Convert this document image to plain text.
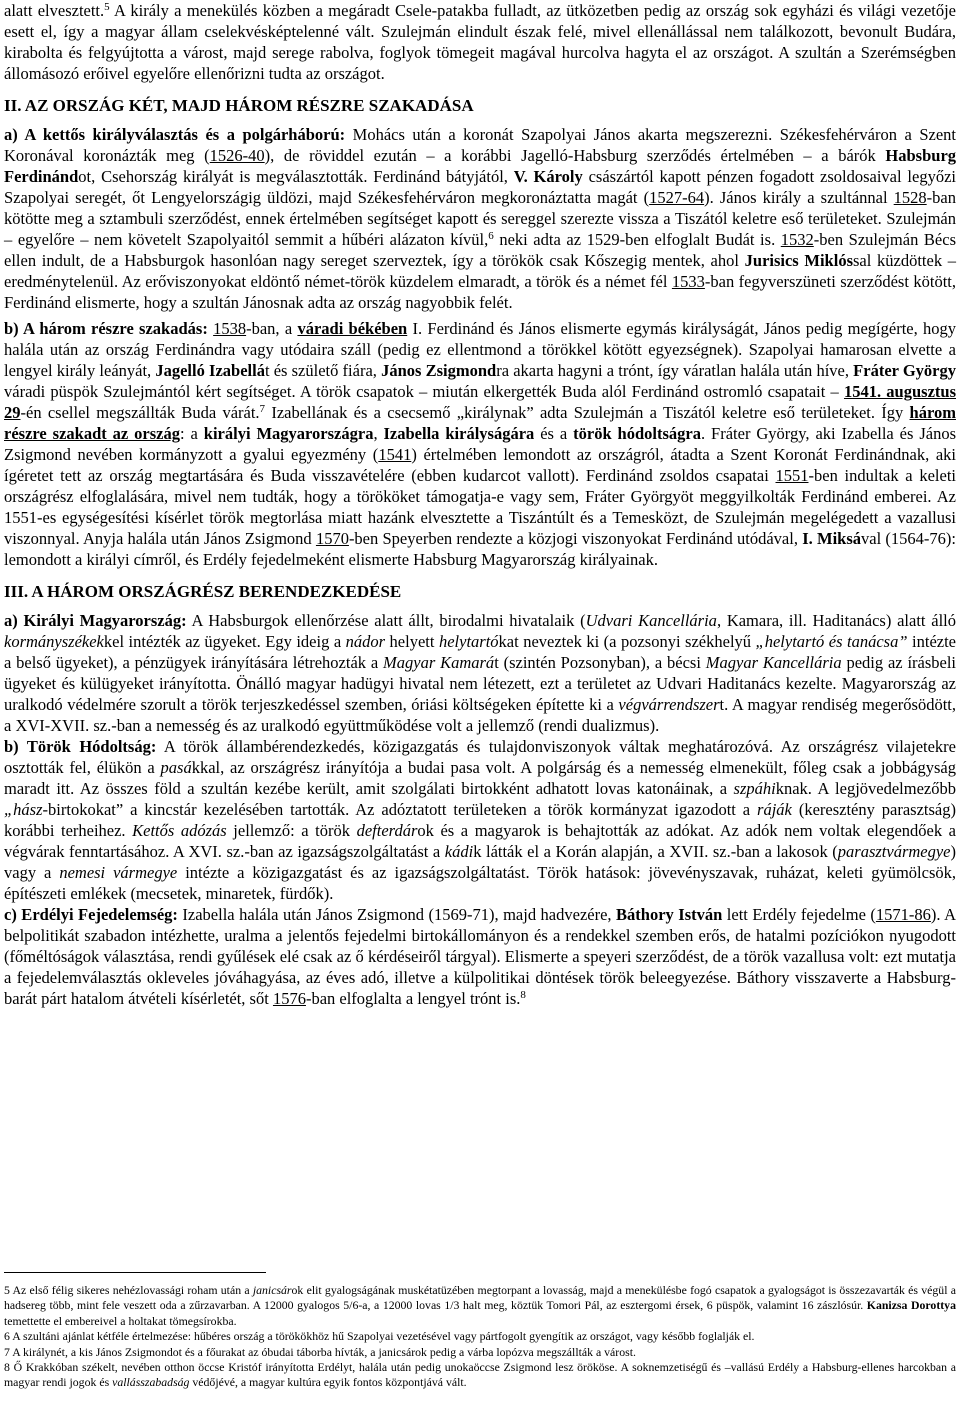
alatt elvesztett.$^5$ A király a menekülés közben a megáradt Csele-patakba fulladt, az ütközetben pedig az ország sok egyházi és világi vezetője esett el, így a magyar állam cselekvésképtelenné vált. Szulejmán elindult észak felé, mivel ellenállással nem találkozott, bevonult Budára, kirabolta és felgyújtotta a várost, majd serege rabolva, foglyok tömegeit magával hurcolva hagyta el az országot. A szultán a Szerémségben állomásozó erőivel egyelőre ellenőrizni tudta az országot.

II. AZ ORSZÁG KÉT, MAJD HÁROM RÉSZRE SZAKADÁSA

a) A kettős királyválasztás és a polgárháború: Mohács után a koronát Szapolyai János akarta megszerezni. Székesfehérváron a Szent Koronával koronázták meg (1526-40), de röviddel ezután – a korábbi Jagelló-Habsburg szerződés értelmében – a bárók Habsburg Ferdinándot, Csehország királyát is megválasztották. Ferdinánd bátyjától, V. Károly császártól kapott pénzen fogadott zsoldosaival legyőzi Szapolyai seregét, őt Lengyelországig üldözi, majd Székesfehérváron megkoronáztatta magát (1527-64). János király a szultánnal 1528-ban kötötte meg a sztambuli szerződést, ennek értelmében segítséget kapott és sereggel szerezte vissza a Tiszától keletre eső területeket. Szulejmán – egyelőre – nem követelt Szapolyaitól semmit a hűbéri alázaton kívül,$^6$ neki adta az 1529-ben elfoglalt Budát is. 1532-ben Szulejmán Bécs ellen indult, de a Habsburgok hasonlóan nagy sereget szerveztek, így a törökök csak Kőszegig mentek, ahol Jurisics Miklóssal küzdöttek – eredménytelenül. Az erőviszonyokat eldöntő német-török küzdelem elmaradt, a török és a német fél 1533-ban fegyverszüneti szerződést kötött, Ferdinánd elismerte, hogy a szultán Jánosnak adta az ország nagyobbik felét.

b) A három részre szakadás: 1538-ban, a váradi békében I. Ferdinánd és János elismerte egymás királyságát, János pedig megígérte, hogy halála után az ország Ferdinándra vagy utódaira száll (pedig ez ellentmond a törökkel kötött egyezségnek). Szapolyai hamarosan elvette a lengyel király leányát, Jagelló Izabellát és születő fiára, János Zsigmondra akarta hagyni a trónt, így váratlan halála után híve, Fráter György váradi püspök Szulejmántól kért segítséget. A török csapatok – miután elkergették Buda alól Ferdinánd ostromló csapatait – 1541. augusztus 29-én csellel megszállták Buda várát.$^7$ Izabellának és a csecsemő „királynak” adta Szulejmán a Tiszától keletre eső területeket. Így három részre szakadt az ország: a királyi Magyarországra, Izabella királyságára és a török hódoltságra. Fráter György, aki Izabella és János Zsigmond nevében kormányzott a gyalui egyezmény (1541) értelmében lemondott az országról, átadta a Szent Koronát Ferdinándnak, aki ígéretet tett az ország megtartására és Buda visszavételére (ebben kudarcot vallott). Ferdinánd zsoldos csapatai 1551-ben indultak a keleti országrész elfoglalására, mivel nem tudták, hogy a törököket támogatja-e vagy sem, Fráter Györgyöt meggyilkolták Ferdinánd emberei. Az 1551-es egységesítési kísérlet török megtorlása miatt hazánk elvesztette a Tiszántúlt és a Temesközt, de Szulejmán megelégedett a vazallusi viszonnyal. Anyja halála után János Zsigmond 1570-ben Speyerben rendezte a közjogi viszonyokat Ferdinánd utódával, I. Miksával (1564-76): lemondott a királyi címről, és Erdély fejedelmeként elismerte Habsburg Magyarország királyainak.

III. A HÁROM ORSZÁGRÉSZ BERENDEZKEDÉSE

a) Királyi Magyarország: A Habsburgok ellenőrzése alatt állt, birodalmi hivatalaik (Udvari Kancellária, Kamara, ill. Haditanács) alatt álló kormányszékekkel intézték az ügyeket. Egy ideig a nádor helyett helytartókat neveztek ki (a pozsonyi székhelyű „helytartó és tanácsa” intézte a belső ügyeket), a pénzügyek irányítására létrehozták a Magyar Kamarát (szintén Pozsonyban), a bécsi Magyar Kancellária pedig az írásbeli ügyeket és külügyeket irányította. Önálló magyar hadügyi hivatal nem létezett, ezt a területet az Udvari Haditanács kezelte. Magyarország az uralkodó védelmére szorult a török terjeszkedéssel szemben, óriási költségeken építette ki a végvárrendszert. A magyar rendiség megerősödött, a XVI-XVII. sz.-ban a nemesség és az uralkodó együttműködése volt a jellemző (rendi dualizmus).

b) Török Hódoltság: A török állambérendezkedés, közigazgatás és tulajdonviszonyok váltak meghatározóvá. Az országrész vilajetekre osztották fel, élükön a pasákkal, az országrész irányítója a budai pasa volt. A polgárság és a nemesség elmenekült, főleg csak a jobbágyság maradt itt. Az összes föld a szultán kezébe került, amit szolgálati birtokként adhatott lovas katonáinak, a szpáhiknak. A legjövedelmezőbb „hász-birtokokat” a kincstár kezelésében tartották. Az adóztatott területeken a török kormányzat igazodott a ráják (keresztény parasztság) korábbi terheihez. Kettős adózás jellemző: a török defterdárok és a magyarok is behajtották az adókat. Az adók nem voltak elegendőek a végvárak fenntartásához. A XVI. sz.-ban az igazságszolgáltatást a kádik látták el a Korán alapján, a XVII. sz.-ban a lakosok (parasztvármegye) vagy a nemesi vármegye intézte a közigazgatást és az igazságszolgáltatást. Török hatások: jövevényszavak, ruházat, keleti gyümölcsök, építészeti emlékek (mecsetek, minaretek, fürdők).

c) Erdélyi Fejedelemség: Izabella halála után János Zsigmond (1569-71), majd hadvezére, Báthory István lett Erdély fejedelme (1571-86). A belpolitikát szabadon intézhette, uralma a jelentős fejedelmi birtokállományon és a rendekkel szemben erős, de hatalmi pozíciókon nyugodott (főméltóságok választása, rendi gyűlések elé csak az ő kérdéseiről tárgyal). Elismerte a speyeri szerződést, de a török vazallusa volt: ezt mutatja a fejedelemválasztás okleveles jóváhagyása, az éves adó, illetve a külpolitikai döntések török beleegyezése. Báthory visszaverte a Habsburg-barát párt hatalom átvételi kísérletét, sőt 1576-ban elfoglalta a lengyel trónt is.$^8$

5 Az első félig sikeres nehézlovassági roham után a janicsárok elit gyalogságának muskétatüzében megtorpant a lovasság, majd a menekülésbe fogó csapatok a gyalogságot is összezavarták és végül a hadsereg több, mint fele veszett oda a zűrzavarban. A 12000 gyalogos 5/6-a, a 12000 lovas 1/3 halt meg, köztük Tomori Pál, az esztergomi érsek, 6 püspök, valamint 16 zászlósúr. Kanizsa Dorottya temettette el embereivel a holtakat tömegsírokba.

6 A szultáni ajánlat kétféle értelmezése: hűbéres ország a törökökhöz hű Szapolyai vezetésével vagy pártfogolt gyengítik az országot, vagy később foglalják el.

7 A királynét, a kis János Zsigmondot és a főurakat az óbudai táborba hívták, a janicsárok pedig a várba lopózva megszállták a várost.

8 Ő Krakkóban székelt, nevében otthon öccse Kristóf irányította Erdélyt, halála után pedig unokaöccse Zsigmond lesz örököse. A soknemzetiségű és –vallású Erdély a Habsburg-ellenes harcokban a magyar rendi jogok és vallásszabadság védőjévé, a magyar kultúra egyik fontos központjává vált.
